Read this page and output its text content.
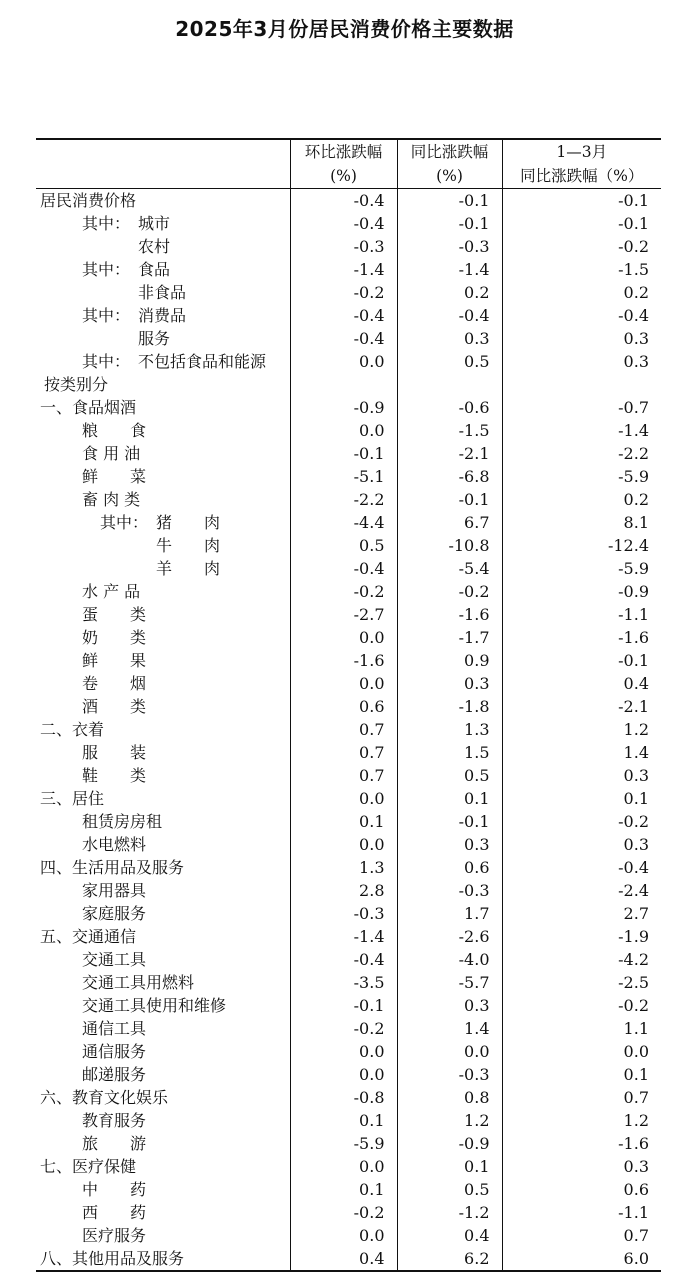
2025年3月份居民消费价格主要数据
	环比涨跌幅	同比涨跌幅	1—3月
	(%)	(%)	同比涨跌幅（%）
居民消费价格	-0.4	-0.1	-0.1
其中： 城市	-0.4	-0.1	-0.1
农村	-0.3	-0.3	-0.2
其中： 食品	-1.4	-1.4	-1.5
非食品	-0.2	0.2	0.2
其中： 消费品	-0.4	-0.4	-0.4
服务	-0.4	0.3	0.3
其中： 不包括食品和能源	0.0	0.5	0.3
按类别分			
一、食品烟酒	-0.9	-0.6	-0.7
粮　　食	0.0	-1.5	-1.4
食 用 油	-0.1	-2.1	-2.2
鲜　　菜	-5.1	-6.8	-5.9
畜 肉 类	-2.2	-0.1	0.2
其中： 猪　　肉	-4.4	6.7	8.1
牛　　肉	0.5	-10.8	-12.4
羊　　肉	-0.4	-5.4	-5.9
水 产 品	-0.2	-0.2	-0.9
蛋　　类	-2.7	-1.6	-1.1
奶　　类	0.0	-1.7	-1.6
鲜　　果	-1.6	0.9	-0.1
卷　　烟	0.0	0.3	0.4
酒　　类	0.6	-1.8	-2.1
二、衣着	0.7	1.3	1.2
服　　装	0.7	1.5	1.4
鞋　　类	0.7	0.5	0.3
三、居住	0.0	0.1	0.1
租赁房房租	0.1	-0.1	-0.2
水电燃料	0.0	0.3	0.3
四、生活用品及服务	1.3	0.6	-0.4
家用器具	2.8	-0.3	-2.4
家庭服务	-0.3	1.7	2.7
五、交通通信	-1.4	-2.6	-1.9
交通工具	-0.4	-4.0	-4.2
交通工具用燃料	-3.5	-5.7	-2.5
交通工具使用和维修	-0.1	0.3	-0.2
通信工具	-0.2	1.4	1.1
通信服务	0.0	0.0	0.0
邮递服务	0.0	-0.3	0.1
六、教育文化娱乐	-0.8	0.8	0.7
教育服务	0.1	1.2	1.2
旅　　游	-5.9	-0.9	-1.6
七、医疗保健	0.0	0.1	0.3
中　　药	0.1	0.5	0.6
西　　药	-0.2	-1.2	-1.1
医疗服务	0.0	0.4	0.7
八、其他用品及服务	0.4	6.2	6.0
